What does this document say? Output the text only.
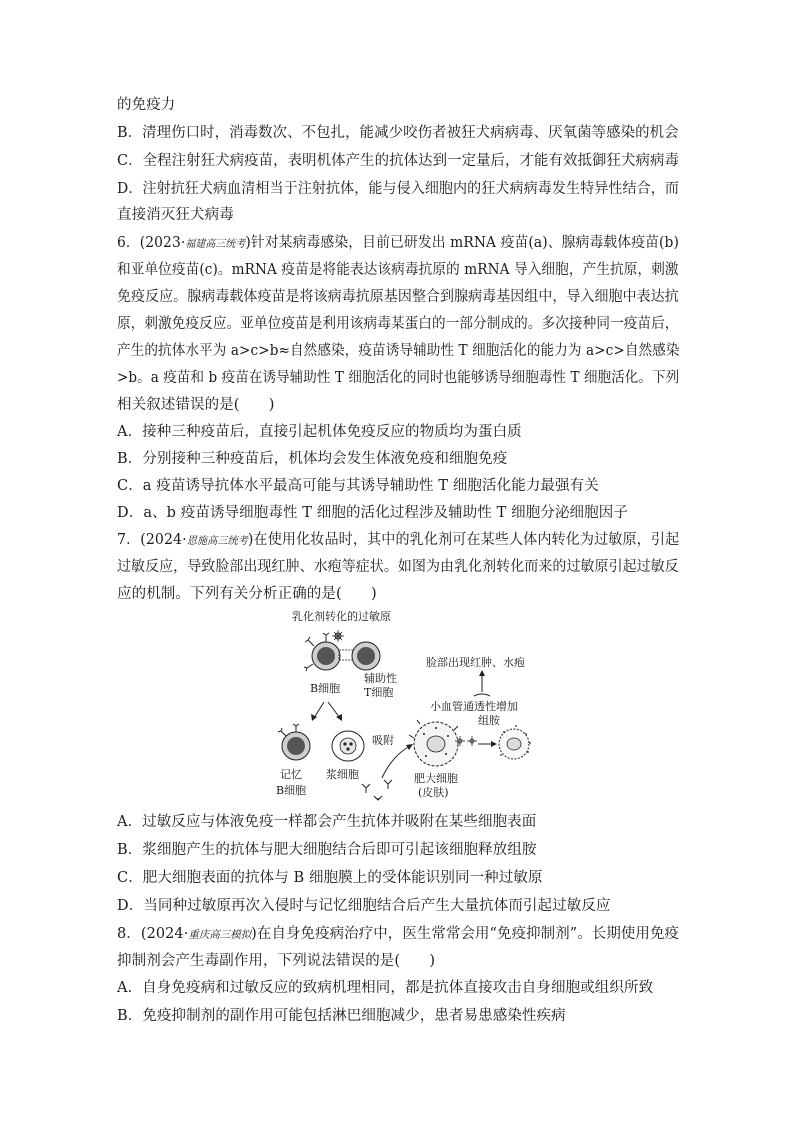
的免疫力
B．清理伤口时，消毒数次、不包扎，能减少咬伤者被狂犬病病毒、厌氧菌等感染的机会
C．全程注射狂犬病疫苗，表明机体产生的抗体达到一定量后，才能有效抵御狂犬病病毒
D．注射抗狂犬病血清相当于注射抗体，能与侵入细胞内的狂犬病病毒发生特异性结合，而
直接消灭狂犬病毒
6．(2023·福建高三统考)针对某病毒感染，目前已研发出 mRNA 疫苗(a)、腺病毒载体疫苗(b)
和亚单位疫苗(c)。mRNA 疫苗是将能表达该病毒抗原的 mRNA 导入细胞，产生抗原，刺激
免疫反应。腺病毒载体疫苗是将该病毒抗原基因整合到腺病毒基因组中，导入细胞中表达抗
原，刺激免疫反应。亚单位疫苗是利用该病毒某蛋白的一部分制成的。多次接种同一疫苗后，
产生的抗体水平为 a>c>b≈自然感染，疫苗诱导辅助性 T 细胞活化的能力为 a>c>自然感染
>b。a 疫苗和 b 疫苗在诱导辅助性 T 细胞活化的同时也能够诱导细胞毒性 T 细胞活化。下列
相关叙述错误的是(　　)
A．接种三种疫苗后，直接引起机体免疫反应的物质均为蛋白质
B．分别接种三种疫苗后，机体均会发生体液免疫和细胞免疫
C．a 疫苗诱导抗体水平最高可能与其诱导辅助性 T 细胞活化能力最强有关
D．a、b 疫苗诱导细胞毒性 T 细胞的活化过程涉及辅助性 T 细胞分泌细胞因子
7．(2024·恩施高三统考)在使用化妆品时，其中的乳化剂可在某些人体内转化为过敏原，引起
过敏反应，导致脸部出现红肿、水疱等症状。如图为由乳化剂转化而来的过敏原引起过敏反
应的机制。下列有关分析正确的是(　　)
乳化剂转化的过敏原
B细胞
辅助性
T细胞
记忆
B细胞
浆细胞
吸附
肥大细胞
(皮肤)
组胺
小血管通透性增加
脸部出现红肿、水疱
A．过敏反应与体液免疫一样都会产生抗体并吸附在某些细胞表面
B．浆细胞产生的抗体与肥大细胞结合后即可引起该细胞释放组胺
C．肥大细胞表面的抗体与 B 细胞膜上的受体能识别同一种过敏原
D．当同种过敏原再次入侵时与记忆细胞结合后产生大量抗体而引起过敏反应
8．(2024·重庆高三模拟)在自身免疫病治疗中，医生常常会用“免疫抑制剂”。长期使用免疫
抑制剂会产生毒副作用，下列说法错误的是(　　)
A．自身免疫病和过敏反应的致病机理相同，都是抗体直接攻击自身细胞或组织所致
B．免疫抑制剂的副作用可能包括淋巴细胞减少，患者易患感染性疾病
